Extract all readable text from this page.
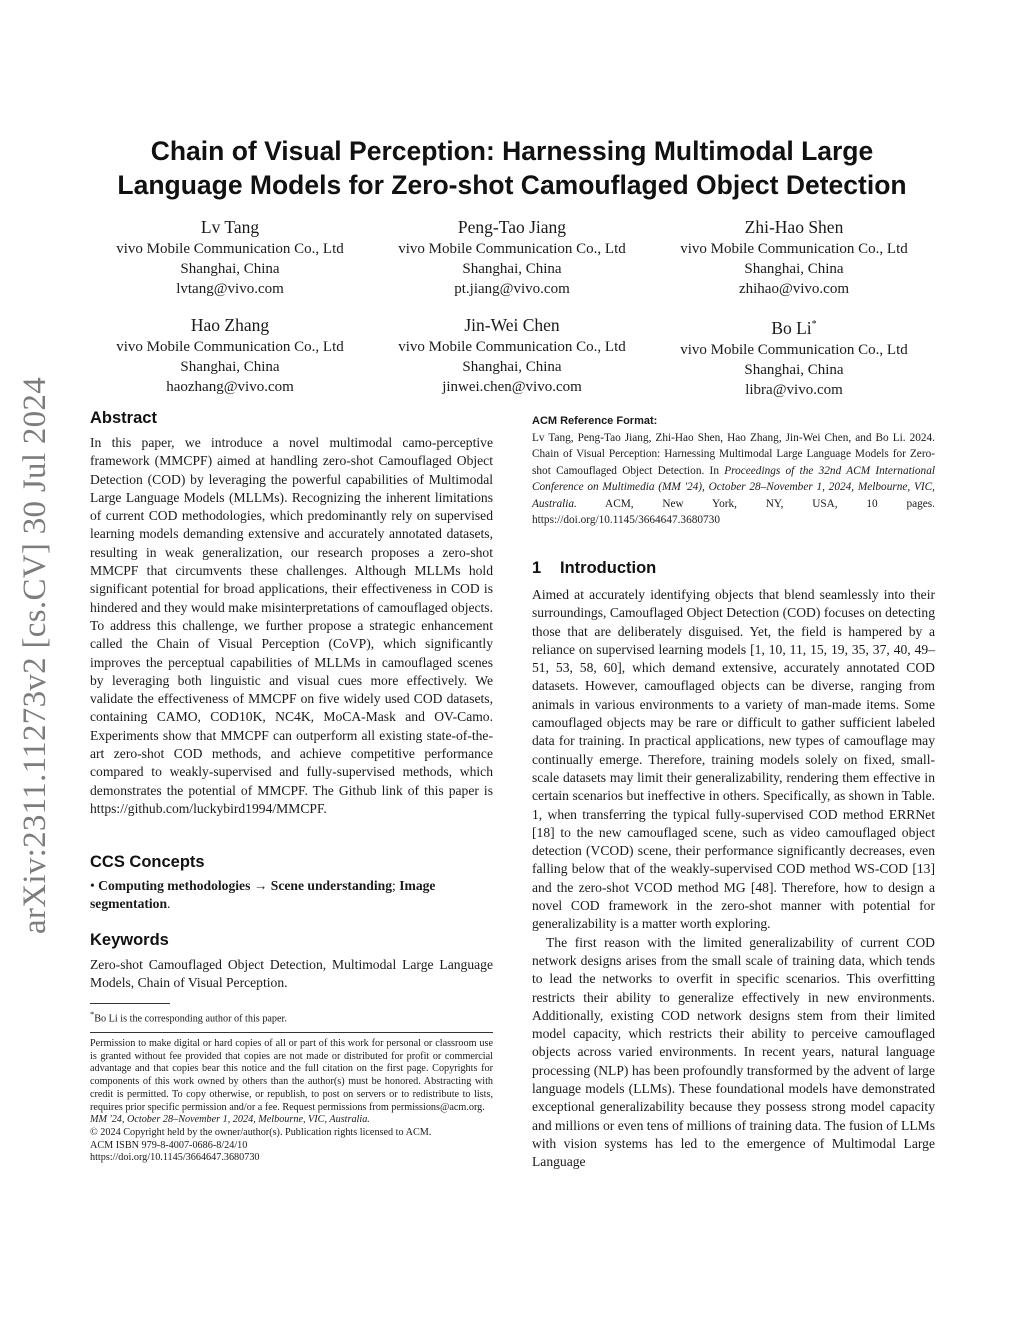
arXiv:2311.11273v2 [cs.CV] 30 Jul 2024
Chain of Visual Perception: Harnessing Multimodal Large
Language Models for Zero-shot Camouflaged Object Detection
Lv Tang
vivo Mobile Communication Co., Ltd
Shanghai, China
lvtang@vivo.com
Peng-Tao Jiang
vivo Mobile Communication Co., Ltd
Shanghai, China
pt.jiang@vivo.com
Zhi-Hao Shen
vivo Mobile Communication Co., Ltd
Shanghai, China
zhihao@vivo.com
Hao Zhang
vivo Mobile Communication Co., Ltd
Shanghai, China
haozhang@vivo.com
Jin-Wei Chen
vivo Mobile Communication Co., Ltd
Shanghai, China
jinwei.chen@vivo.com
Bo Li*
vivo Mobile Communication Co., Ltd
Shanghai, China
libra@vivo.com
Abstract
In this paper, we introduce a novel multimodal camo-perceptive framework (MMCPF) aimed at handling zero-shot Camouflaged Object Detection (COD) by leveraging the powerful capabilities of Multimodal Large Language Models (MLLMs). Recognizing the inherent limitations of current COD methodologies, which predominantly rely on supervised learning models demanding extensive and accurately annotated datasets, resulting in weak generalization, our research proposes a zero-shot MMCPF that circumvents these challenges. Although MLLMs hold significant potential for broad applications, their effectiveness in COD is hindered and they would make misinterpretations of camouflaged objects. To address this challenge, we further propose a strategic enhancement called the Chain of Visual Perception (CoVP), which significantly improves the perceptual capabilities of MLLMs in camouflaged scenes by leveraging both linguistic and visual cues more effectively. We validate the effectiveness of MMCPF on five widely used COD datasets, containing CAMO, COD10K, NC4K, MoCA-Mask and OV-Camo. Experiments show that MMCPF can outperform all existing state-of-the-art zero-shot COD methods, and achieve competitive performance compared to weakly-supervised and fully-supervised methods, which demonstrates the potential of MMCPF. The Github link of this paper is https://github.com/luckybird1994/MMCPF.
CCS Concepts
• Computing methodologies → Scene understanding; Image segmentation.
Keywords
Zero-shot Camouflaged Object Detection, Multimodal Large Language Models, Chain of Visual Perception.
*Bo Li is the corresponding author of this paper.
Permission to make digital or hard copies of all or part of this work for personal or classroom use is granted without fee provided that copies are not made or distributed for profit or commercial advantage and that copies bear this notice and the full citation on the first page. Copyrights for components of this work owned by others than the author(s) must be honored. Abstracting with credit is permitted. To copy otherwise, or republish, to post on servers or to redistribute to lists, requires prior specific permission and/or a fee. Request permissions from permissions@acm.org.
MM '24, October 28–November 1, 2024, Melbourne, VIC, Australia.
© 2024 Copyright held by the owner/author(s). Publication rights licensed to ACM.
ACM ISBN 979-8-4007-0686-8/24/10
https://doi.org/10.1145/3664647.3680730
ACM Reference Format:
Lv Tang, Peng-Tao Jiang, Zhi-Hao Shen, Hao Zhang, Jin-Wei Chen, and Bo Li. 2024. Chain of Visual Perception: Harnessing Multimodal Large Language Models for Zero-shot Camouflaged Object Detection. In Proceedings of the 32nd ACM International Conference on Multimedia (MM '24), October 28–November 1, 2024, Melbourne, VIC, Australia. ACM, New York, NY, USA, 10 pages. https://doi.org/10.1145/3664647.3680730
1 Introduction

Aimed at accurately identifying objects that blend seamlessly into their surroundings, Camouflaged Object Detection (COD) focuses on detecting those that are deliberately disguised. Yet, the field is hampered by a reliance on supervised learning models [1, 10, 11, 15, 19, 35, 37, 40, 49–51, 53, 58, 60], which demand extensive, accurately annotated COD datasets. However, camouflaged objects can be diverse, ranging from animals in various environments to a variety of man-made items. Some camouflaged objects may be rare or difficult to gather sufficient labeled data for training. In practical applications, new types of camouflage may continually emerge. Therefore, training models solely on fixed, small-scale datasets may limit their generalizability, rendering them effective in certain scenarios but ineffective in others. Specifically, as shown in Table. 1, when transferring the typical fully-supervised COD method ERRNet [18] to the new camouflaged scene, such as video camouflaged object detection (VCOD) scene, their performance significantly decreases, even falling below that of the weakly-supervised COD method WS-COD [13] and the zero-shot VCOD method MG [48]. Therefore, how to design a novel COD framework in the zero-shot manner with potential for generalizability is a matter worth exploring.

The first reason with the limited generalizability of current COD network designs arises from the small scale of training data, which tends to lead the networks to overfit in specific scenarios. This overfitting restricts their ability to generalize effectively in new environments. Additionally, existing COD network designs stem from their limited model capacity, which restricts their ability to perceive camouflaged objects across varied environments. In recent years, natural language processing (NLP) has been profoundly transformed by the advent of large language models (LLMs). These foundational models have demonstrated exceptional generalizability because they possess strong model capacity and millions or even tens of millions of training data. The fusion of LLMs with vision systems has led to the emergence of Multimodal Large Language
